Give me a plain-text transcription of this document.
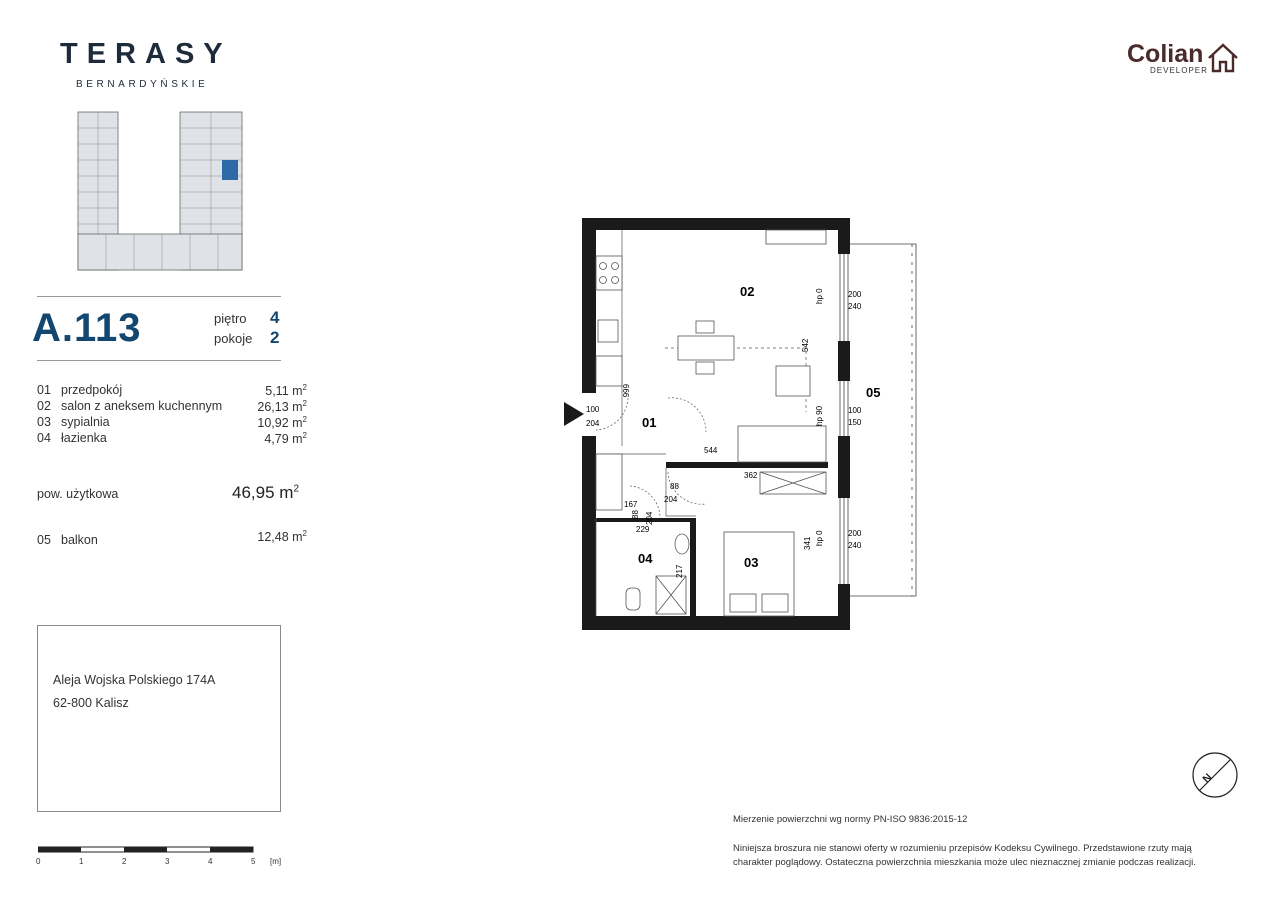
TERASY
BERNARDYŃSKIE
Colian
DEVELOPER
A.113	piętro 4
pokoje 2
01 przedpokój	5,11 $m^2$
02 salon z aneksem kuchennym	26,13 $m^2$
03 sypialnia	10,92 $m^2$
04 łazienka	4,79 $m^2$
pow. użytkowa	46,95 $m^2$
05 balkon	12,48 $m^2$
Aleja Wojska Polskiego 174A
62-800 Kalisz
0	1	2	3	4	5 [m]
02
01
03
04
05
100
204
666
544
542
362
88
204
167
88 204
229
217
341
200
240
100
150
200
240
hp 0
hp 90
hp 0
N
Mierzenie powierzchni wg normy PN-ISO 9836:2015-12
Niniejsza broszura nie stanowi oferty w rozumieniu przepisów Kodeksu Cywilnego. Przedstawione rzuty mają
charakter poglądowy. Ostateczna powierzchnia mieszkania może ulec nieznacznej zmianie podczas realizacji.
